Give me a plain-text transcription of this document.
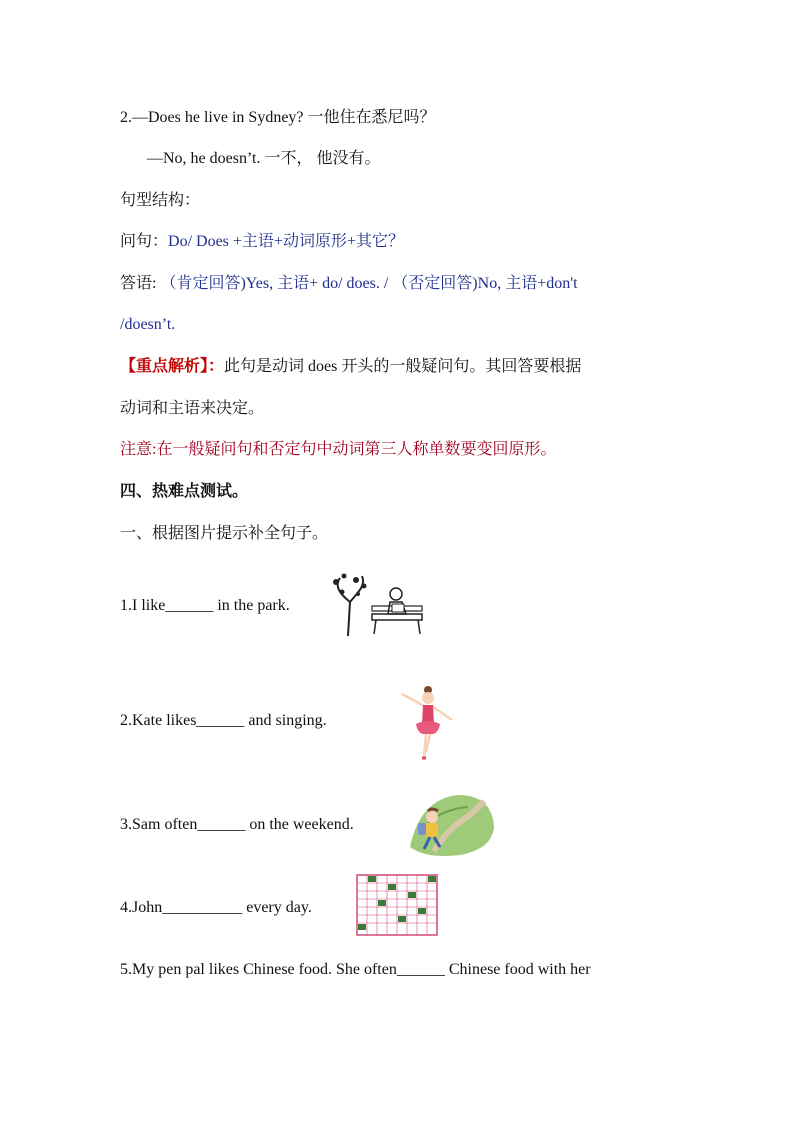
2.—Does he live in Sydney? 一他住在悉尼吗？
—No, he doesn’t. 一不， 他没有。
句型结构：
问句：Do/ Does +主语+动词原形+其它？
答语: （肯定回答)Yes, 主语+ do/ does. / （否定回答)No, 主语+don't
/doesn’t.
【重点解析】：此句是动词 does 开头的一般疑问句。其回答要根据
动词和主语来决定。
注意:在一般疑问句和否定句中动词第三人称单数要变回原形。
四、热难点测试。
一、根据图片提示补全句子。
1.I like______ in the park.
2.Kate likes______ and singing.
3.Sam often______ on the weekend.
4.John__________ every day.
5.My pen pal likes Chinese food. She often______ Chinese food with her
